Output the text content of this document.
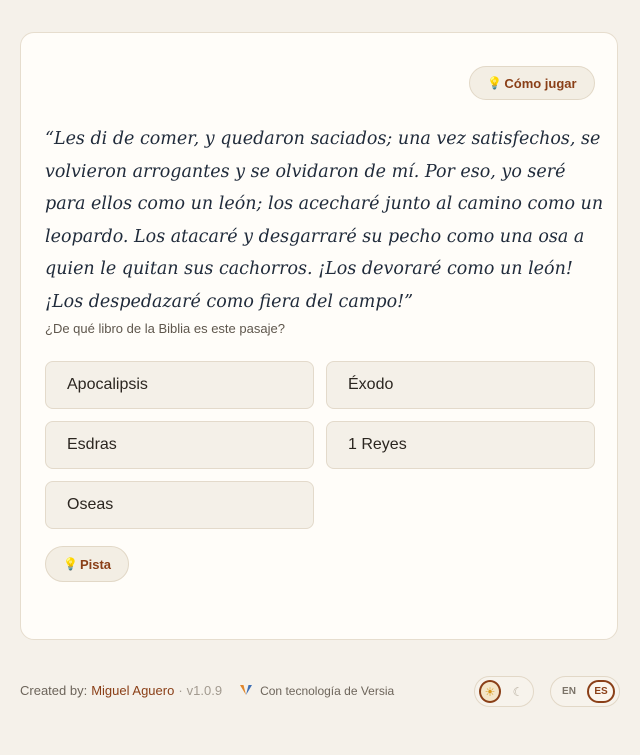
💡 Cómo jugar

“Les di de comer, y quedaron saciados; una vez satisfechos, se volvieron arrogantes y se olvidaron de mí. Por eso, yo seré para ellos como un león; los acecharé junto al camino como un leopardo. Los atacaré y desgarraré su pecho como una osa a quien le quitan sus cachorros. ¡Los devoraré como un león! ¡Los despedazaré como fiera del campo!”

¿De qué libro de la Biblia es este pasaje?
Apocalipsis	Éxodo
Esdras	1 Reyes
Oseas
💡 Pista
Created by: Miguel Aguero · v1.0.9	Con tecnología de Versia	☀	☾	EN	ES
